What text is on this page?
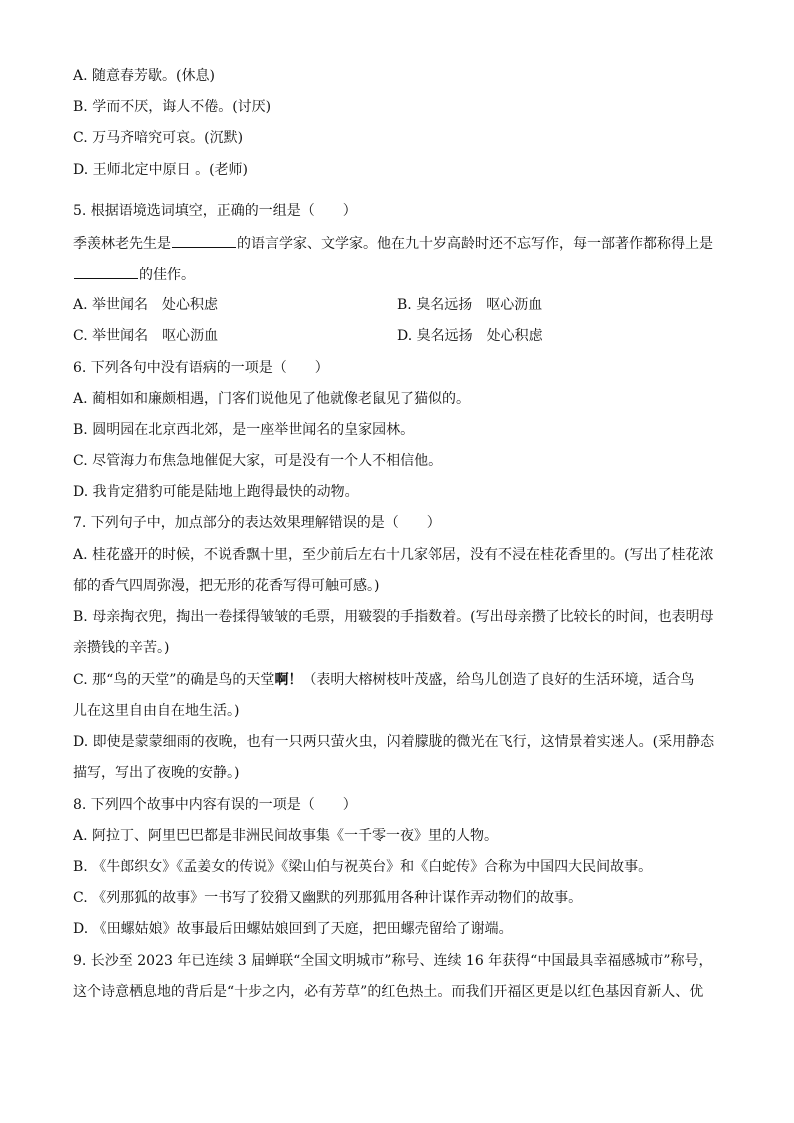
A. 随意春芳歇。(休息)
B. 学而不厌，诲人不倦。(讨厌)
C. 万马齐喑究可哀。(沉默)
D. 王师北定中原日 。(老师)
5. 根据语境选词填空，正确的一组是（　　）
季羡林老先生是	的语言学家、文学家。他在九十岁高龄时还不忘写作，每一部著作都称得上是
的佳作。
A. 举世闻名　处心积虑	B. 臭名远扬　呕心沥血
C. 举世闻名　呕心沥血	D. 臭名远扬　处心积虑
6. 下列各句中没有语病的一项是（　　）
A. 蔺相如和廉颇相遇，门客们说他见了他就像老鼠见了猫似的。
B. 圆明园在北京西北郊，是一座举世闻名的皇家园林。
C. 尽管海力布焦急地催促大家，可是没有一个人不相信他。
D. 我肯定猎豹可能是陆地上跑得最快的动物。
7. 下列句子中，加点部分的表达效果理解错误的是（　　）
A. 桂花盛开的时候，不说香飘十里，至少前后左右十几家邻居，没有不浸在桂花香里的。(写出了桂花浓
郁的香气四周弥漫，把无形的花香写得可触可感。)
B. 母亲掏衣兜，掏出一卷揉得皱皱的毛票，用皲裂的手指数着。(写出母亲攒了比较长的时间，也表明母
亲攒钱的辛苦。)
C. 那“鸟的天堂”的确是鸟的天堂啊！（表明大榕树枝叶茂盛，给鸟儿创造了良好的生活环境，适合鸟
儿在这里自由自在地生活。)
D. 即使是蒙蒙细雨的夜晚，也有一只两只萤火虫，闪着朦胧的微光在飞行，这情景着实迷人。(采用静态
描写，写出了夜晚的安静。)
8. 下列四个故事中内容有误的一项是（　　）
A. 阿拉丁、阿里巴巴都是非洲民间故事集《一千零一夜》里的人物。
B. 《牛郎织女》《孟姜女的传说》《梁山伯与祝英台》和《白蛇传》合称为中国四大民间故事。
C. 《列那狐的故事》一书写了狡猾又幽默的列那狐用各种计谋作弄动物们的故事。
D. 《田螺姑娘》故事最后田螺姑娘回到了天庭，把田螺壳留给了谢端。
9. 长沙至 2023 年已连续 3 届蝉联“全国文明城市”称号、连续 16 年获得“中国最具幸福感城市”称号，
这个诗意栖息地的背后是“十步之内，必有芳草”的红色热土。而我们开福区更是以红色基因育新人、优
